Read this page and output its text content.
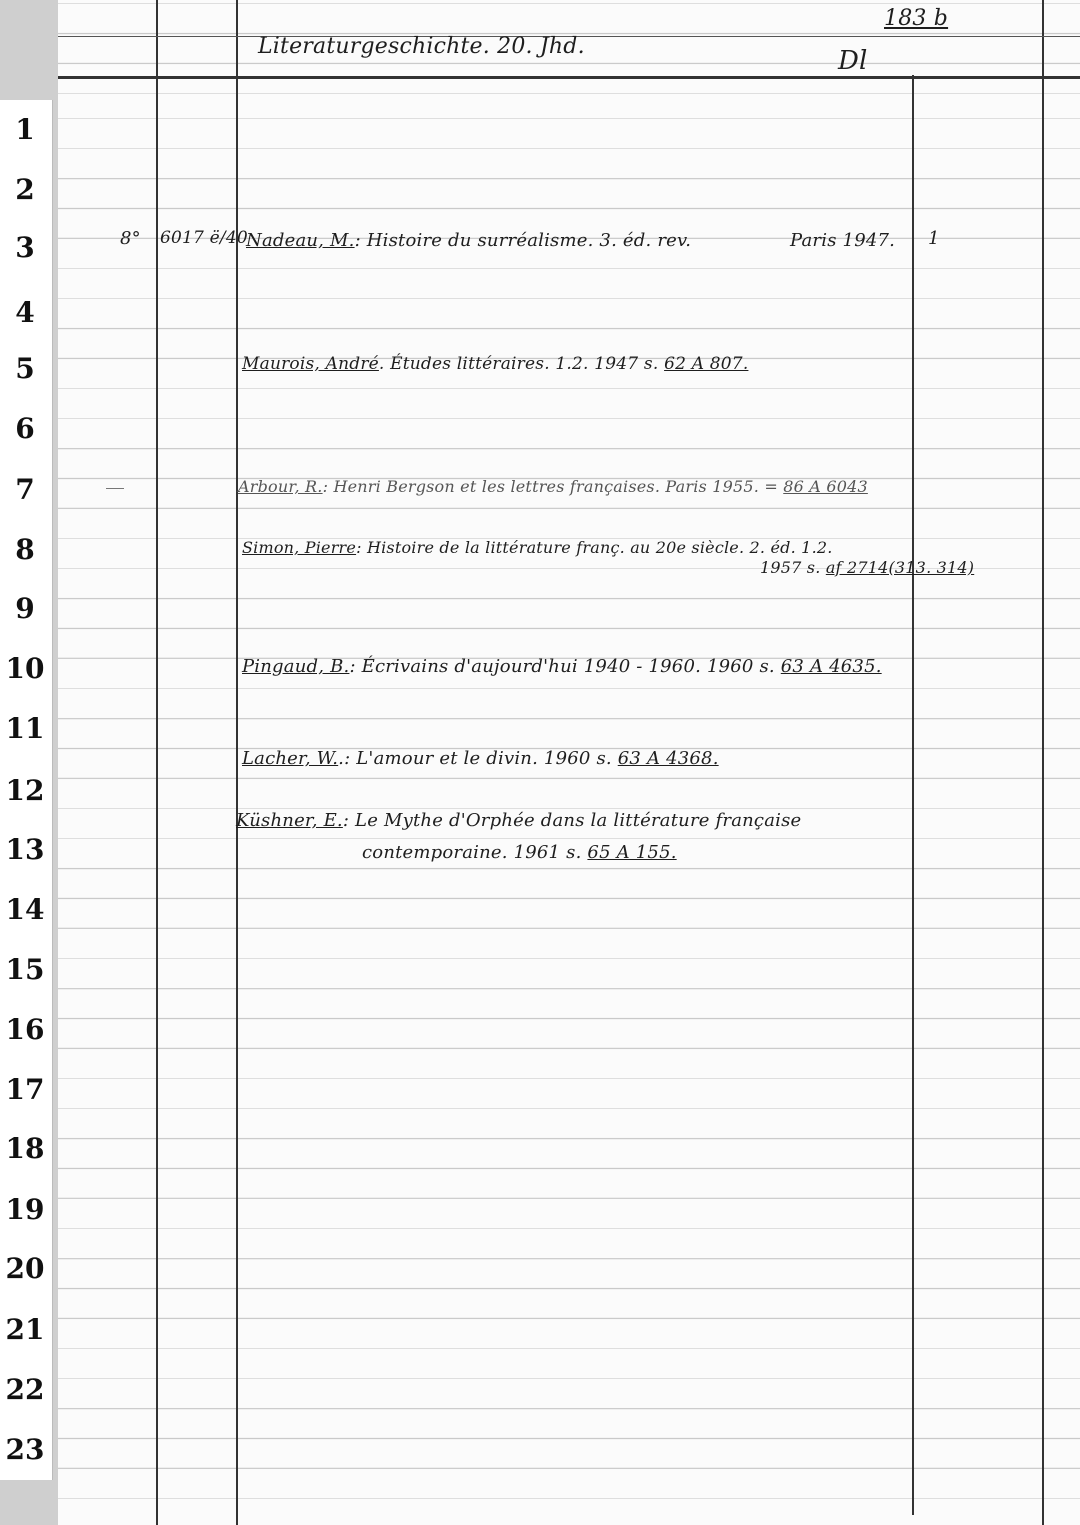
1
2
3
4
5
6
7
8
9
10
11
12
13
14
15
16
17
18
19
20
21
22
23
Literaturgeschichte. 20. Jhd.
183 b
Dl
8° 6017 ë/40
Nadeau, M.: Histoire du surréalisme. 3. éd. rev.	Paris 1947. 1
Maurois, André. Études littéraires. 1.2. 1947 s. 62 A 807.
Arbour, R.: Henri Bergson et les lettres françaises. Paris 1955. = 86 A 6043
Simon, Pierre: Histoire de la littérature franç. au 20e siècle. 2. éd. 1.2.
1957 s. af 2714(313. 314)
Pingaud, B.: Écrivains d'aujourd'hui 1940 - 1960. 1960 s. 63 A 4635.
Lacher, W..: L'amour et le divin. 1960 s. 63 A 4368.
Küshner, E.: Le Mythe d'Orphée dans la littérature française
contemporaine. 1961 s. 65 A 155.
